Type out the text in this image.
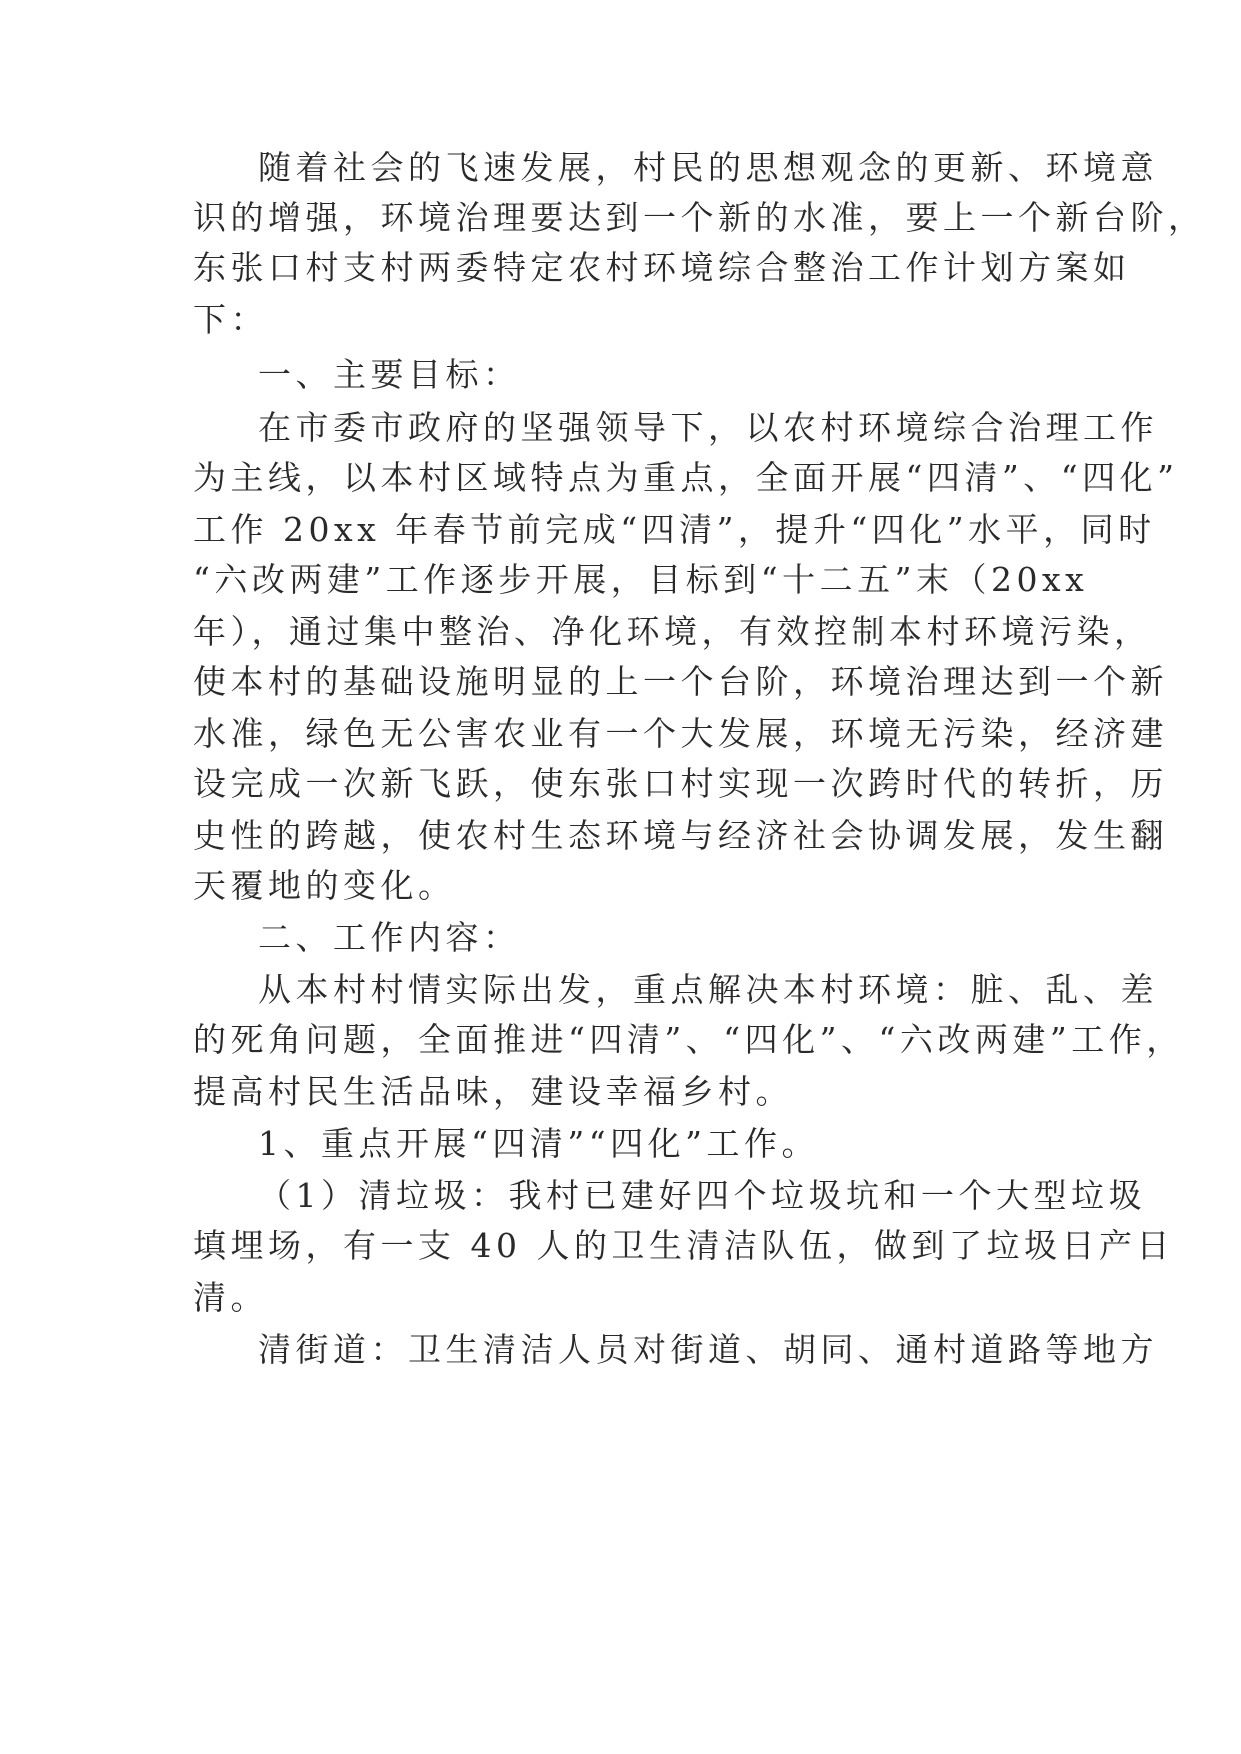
随着社会的飞速发展，村民的思想观念的更新、环境意
识的增强，环境治理要达到一个新的水准，要上一个新台阶，
东张口村支村两委特定农村环境综合整治工作计划方案如
下：
一、主要目标：
在市委市政府的坚强领导下，以农村环境综合治理工作
为主线，以本村区域特点为重点，全面开展“四清”、“四化”
工作 20xx 年春节前完成“四清”，提升“四化”水平，同时
“六改两建”工作逐步开展，目标到“十二五”末（20xx
年），通过集中整治、净化环境，有效控制本村环境污染，
使本村的基础设施明显的上一个台阶，环境治理达到一个新
水准，绿色无公害农业有一个大发展，环境无污染，经济建
设完成一次新飞跃，使东张口村实现一次跨时代的转折，历
史性的跨越，使农村生态环境与经济社会协调发展，发生翻
天覆地的变化。
二、工作内容：
从本村村情实际出发，重点解决本村环境：脏、乱、差
的死角问题，全面推进“四清”、“四化”、“六改两建”工作，
提高村民生活品味，建设幸福乡村。
1、重点开展“四清”“四化”工作。
（1）清垃圾：我村已建好四个垃圾坑和一个大型垃圾
填埋场，有一支 40 人的卫生清洁队伍，做到了垃圾日产日
清。
清街道：卫生清洁人员对街道、胡同、通村道路等地方
